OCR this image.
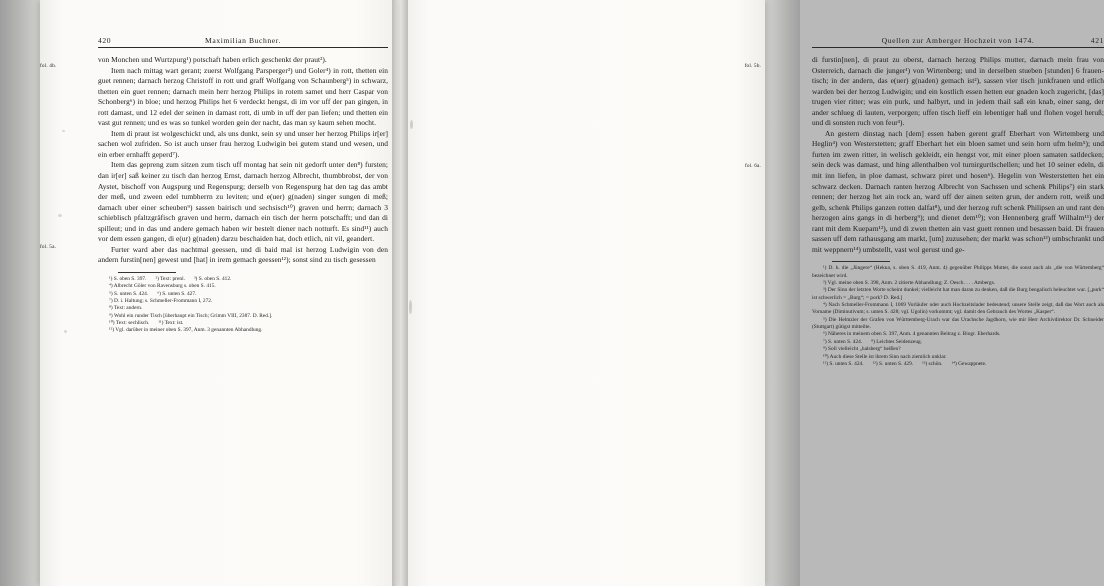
fol. 4b.
fol. 5a.
420	Maximilian Buchner.

von Monchen und Wurtzpurg¹) potschaft haben erlich geschenkt der praut²).

Item nach mittag wart gerant; zuerst Wolfgang Parsperger³) und Goler⁴) in rott, thetten ein guet rennen; darnach herzog Christoff in rott und graff Wolfgang von Schaunberg⁵) in schwarz, thetten ein guet rennen; darnach mein herr herzog Philips in rotem samet und herr Caspar von Schonberg⁶) in bloe; und herzog Philips het 6 verdeckt hengst, di im vor uff der pan gingen, in rott damast, und 12 edel der seinen in damast rott, di umb in uff der pan liefen; und thetten ein vast gut rennen; und es was so tunkel worden gein der nacht, das man sy kaum sehen mocht.

Item di praut ist wolgeschickt und, als uns dunkt, sein sy und unser her herzog Philips ir[er] sachen wol zufriden. So ist auch unser frau herzog Ludwigin bei gutem stand und wesen, und ein erber ernhafft geperd⁷).

Item das gepreng zum sitzen zum tisch uff montag hat sein nit gedorft unter den⁸) fursten; dan ir[er] saß keiner zu tisch dan herzog Ernst, darnach herzog Albrecht, thumbbrobst, der von Aystet, bischoff von Augspurg und Regenspurg; derselb von Regenspurg hat den tag das ambt der meß, und zween edel tumbherrn zu leviten; und e(uer) g(naden) singer sungen di meß; darnach uber einer scheuben⁹) sassen bairisch und sechsisch¹⁰) graven und herrn; darnach 3 schieblisch pfaltzgräfisch graven und herrn, darnach ein tisch der herrn potschafft; und dan di spilleut; und in das und andere gemach haben wir bestelt diener nach notturft. Es sind¹¹) auch vor dem essen gangen, di e(ur) g(naden) darzu beschaiden hat, doch etlich, nit vil, geandert.

Furter ward aber das nachtmal geessen, und di baid mal ist herzog Ludwigin von den andern furstin[nen] gewest und [hat] in irem gemach geessen¹²); sonst sind zu tisch gesessen

¹) S. oben S. 397. ²) Text: prenl. ³) S. oben S. 412.

⁴) Albrecht Göler von Ravensburg s. oben S. 415.

⁵) S. unten S. 424. ⁶) S. unten S. 427.

⁷) D. i. Haltung; s. Schmeller-Frommann I, 272.

⁸) Text: andern.

⁹) Wohl ein runder Tisch [überhaupt ein Tisch; Grimm VIII, 2387. D. Red.].

¹⁰) Text: sechlisch. ¹¹) Text: ist.

¹²) Vgl. darüber in meiner oben S. 397, Anm. 3 genannten Abhandlung.

fol. 5b.
fol. 6a.
Quellen zur Amberger Hochzeit von 1474.	421

di furstin[nen], di praut zu oberst, darnach herzog Philips mutter, darnach mein frau von Osterreich, darnach die junger¹) von Wirtenberg; und in derselben stueben [stunden] 6 frauen-tisch; in der andern, das e(uer) g(naden) gemach ist²), sassen vier tisch junkfrauen und etlich warden bei der herzog Ludwigin; und ein kostlich essen hetten eur gnaden koch zugericht, [das] trugen vier ritter; was ein purk, und halbyrt, und in jedem thail saß ein knab, einer sang, der ander schlueg di lauten, verporgen; uffen tisch lieff ein lebentiger haß und flohen vogel heruß; und di sonsten ruch von feur³).

An gestern dinstag nach [dem] essen haben gerent graff Eberhart von Wirtemberg und Heglin⁴) von Westerstetten; graff Eberhart het ein bloen samet und sein horn ufm helm⁵); und furten im zwen ritter, in welisch gekleidt, ein hengst vor, mit einer ploen samaten satldecken; sein deck was damast, und hing allenthalben vol turnirgurtlschellen; und het 10 seiner edeln, di mit inn liefen, in ploe damast, schwarz piret und hosen⁶). Hegelin von Westerstetten het ein schwarz decken. Darnach ranten herzog Albrecht von Sachssen und schenk Philips⁷) ein stark rennen; der herzog het ain rock an, ward uff der ainen seiten grun, der andern rott, weiß und gelb, schenk Philips ganzen rotten dalfat⁸), und der herzog ruft schenk Philipsen an und rant den herzogen ains gangs in di herberg⁹); und dienet dem¹⁰); von Hennenberg graff Wilhalm¹¹) der rant mit dem Kueparn¹²), und di zwen thetten ain vast guett rennen und besassen baid. Di frauen sassen uff dem rathausgang am markt, [um] zuzusehen; der markt was schon¹³) umbschrankt und mit weppnern¹⁴) umbstellt, vast wol gerust und ge-

¹) D. h. die „Jüngere“ (Hekna, s. oben S. 419, Anm. 4) gegenüber Philipps Mutter, die sonst auch als „die von Würtemberg“ bezeichnet wird.

²) Vgl. meine oben S. 398, Anm. 2 zitierte Abhandlung; Z. Oesch. . . . Ambergs.

³) Der Sinn der letzten Worte scheint dunkel; vielleicht hat man daran zu denken, daß die Burg bengalisch beleuchtet war. [„purk“ ist schwerlich = „Burg“; = pork? D. Red.]

⁴) Nach Schmeller-Frommann I, 1069 Vorläufer oder auch Hochzeitslader bedeutend; unsere Stelle zeigt, daß das Wort auch als Vorname (Diminutivum; s. unten S. 428; vgl. Ugolin) vorkommt; vgl. damit den Gebrauch des Wortes „Kasper“.

⁵) Die Helmzier der Grafen von Württemberg-Urach war das Urachsche Jagdhorn, wie mir Herr Archivdirektor Dr. Schneider (Stuttgart) gütigst mitteilte.

⁶) Näheres in meinem oben S. 397, Anm. 4 genannten Beitrag z. Biogr. Eberhards.

⁷) S. unten S. 424. ⁸) Leichtes Seidenzeug.

⁹) Soll vielleicht „halsberg“ heißen?

¹⁰) Auch diese Stelle ist ihrem Sinn nach ziemlich unklar.

¹¹) S. unten S. 424. ¹²) S. unten S. 429. ¹³) schön. ¹⁴) Gewappnete.
